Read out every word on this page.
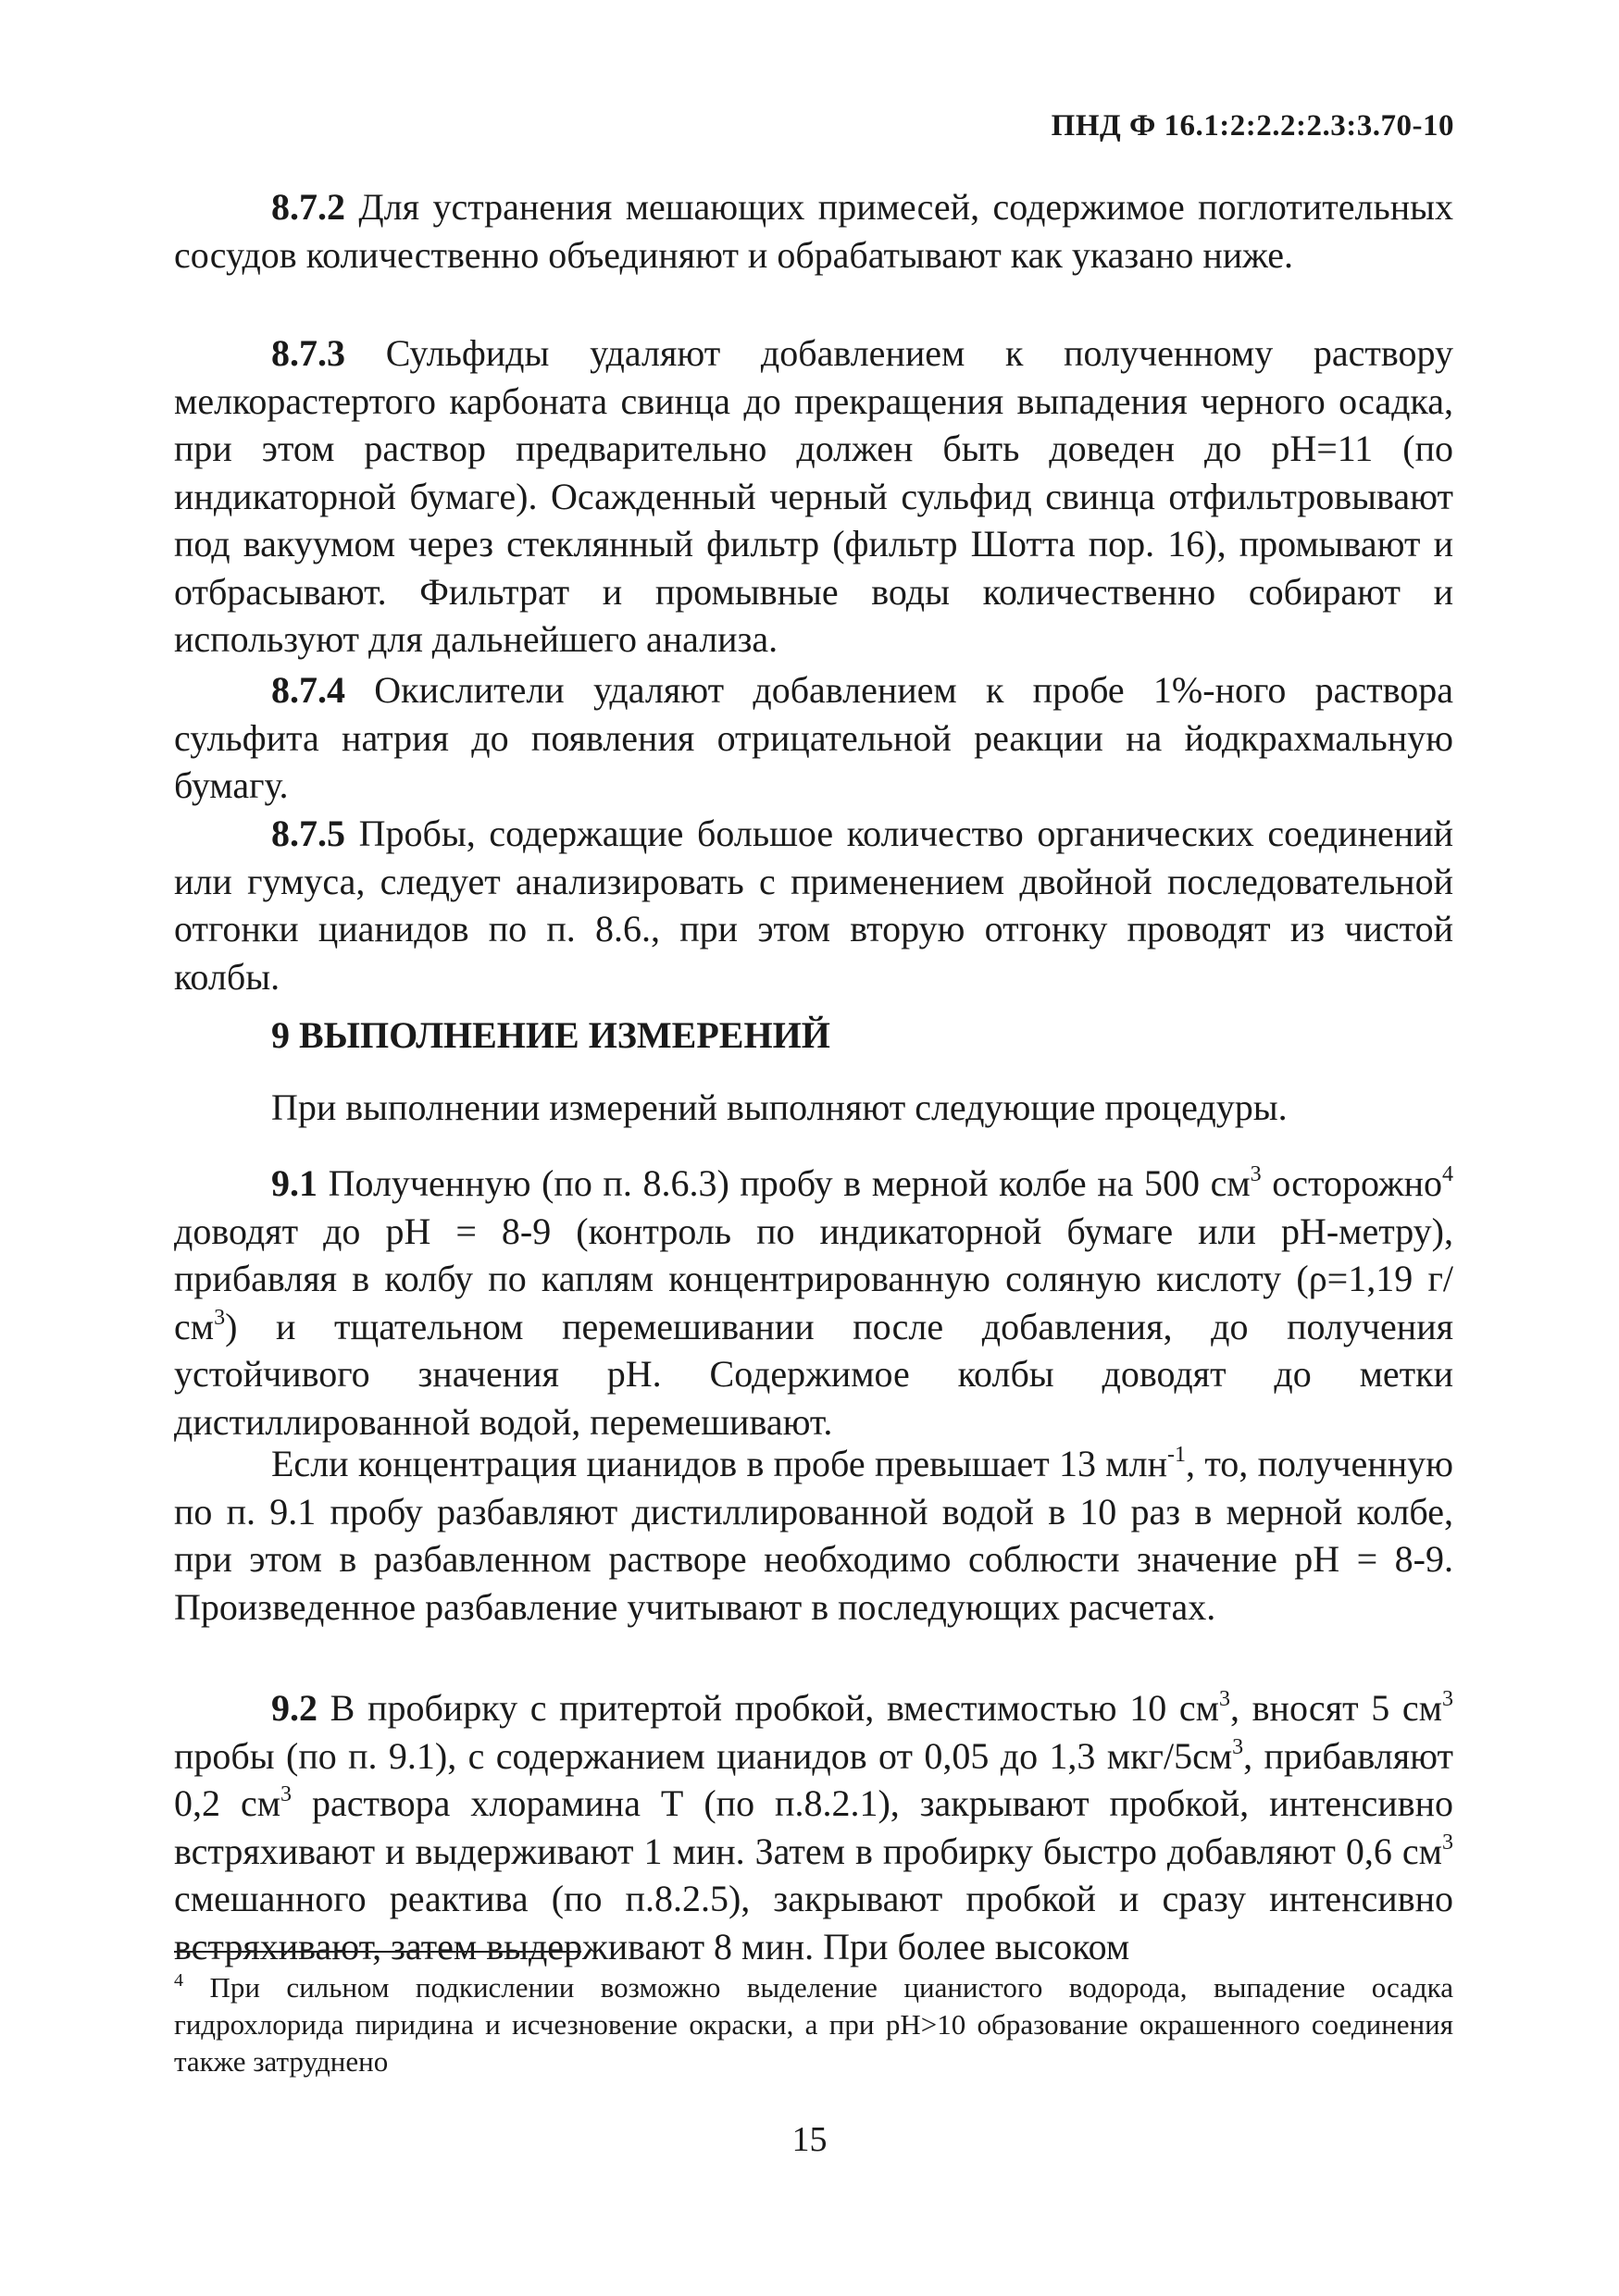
ПНД Ф 16.1:2:2.2:2.3:3.70-10

8.7.2 Для устранения мешающих примесей, содержимое поглотительных сосудов количественно объединяют и обрабатывают как указано ниже.

8.7.3 Сульфиды удаляют добавлением к полученному раствору мелкорастертого карбоната свинца до прекращения выпадения черного осадка, при этом раствор предварительно должен быть доведен до рН=11 (по индикаторной бумаге). Осажденный черный сульфид свинца отфильтровывают под вакуумом через стеклянный фильтр (фильтр Шотта пор. 16), промывают и отбрасывают. Фильтрат и промывные воды количественно собирают и используют для дальнейшего анализа.

8.7.4 Окислители удаляют добавлением к пробе 1%-ного раствора сульфита натрия до появления отрицательной реакции на йодкрахмальную бумагу.

8.7.5 Пробы, содержащие большое количество органических соединений или гумуса, следует анализировать с применением двойной последовательной отгонки цианидов по п. 8.6., при этом вторую отгонку проводят из чистой колбы.

9 ВЫПОЛНЕНИЕ ИЗМЕРЕНИЙ

При выполнении измерений выполняют следующие процедуры.

9.1 Полученную (по п. 8.6.3) пробу в мерной колбе на 500 $см^3$ осторожно$^4$ доводят до рН = 8-9 (контроль по индикаторной бумаге или рН-метру), прибавляя в колбу по каплям концентрированную соляную кислоту (ρ=1,19 $г/см^3$) и тщательном перемешивании после добавления, до получения устойчивого значения рН. Содержимое колбы доводят до метки дистиллированной водой, перемешивают.

Если концентрация цианидов в пробе превышает 13 млн$^{-1}$, то, полученную по п. 9.1 пробу разбавляют дистиллированной водой в 10 раз в мерной колбе, при этом в разбавленном растворе необходимо соблюсти значение рН = 8-9. Произведенное разбавление учитывают в последующих расчетах.

9.2 В пробирку с притертой пробкой, вместимостью 10 $см^3$, вносят 5 $см^3$ пробы (по п. 9.1), с содержанием цианидов от 0,05 до 1,3 мкг/$5см^3$, прибавляют 0,2 $см^3$ раствора хлорамина Т (по п.8.2.1), закрывают пробкой, интенсивно встряхивают и выдерживают 1 мин. Затем в пробирку быстро добавляют 0,6 $см^3$ смешанного реактива (по п.8.2.5), закрывают пробкой и сразу интенсивно встряхивают, затем выдерживают 8 мин. При более высоком

$^4$ При сильном подкислении возможно выделение цианистого водорода, выпадение осадка гидрохлорида пиридина и исчезновение окраски, а при рН>10 образование окрашенного соединения также затруднено

15
